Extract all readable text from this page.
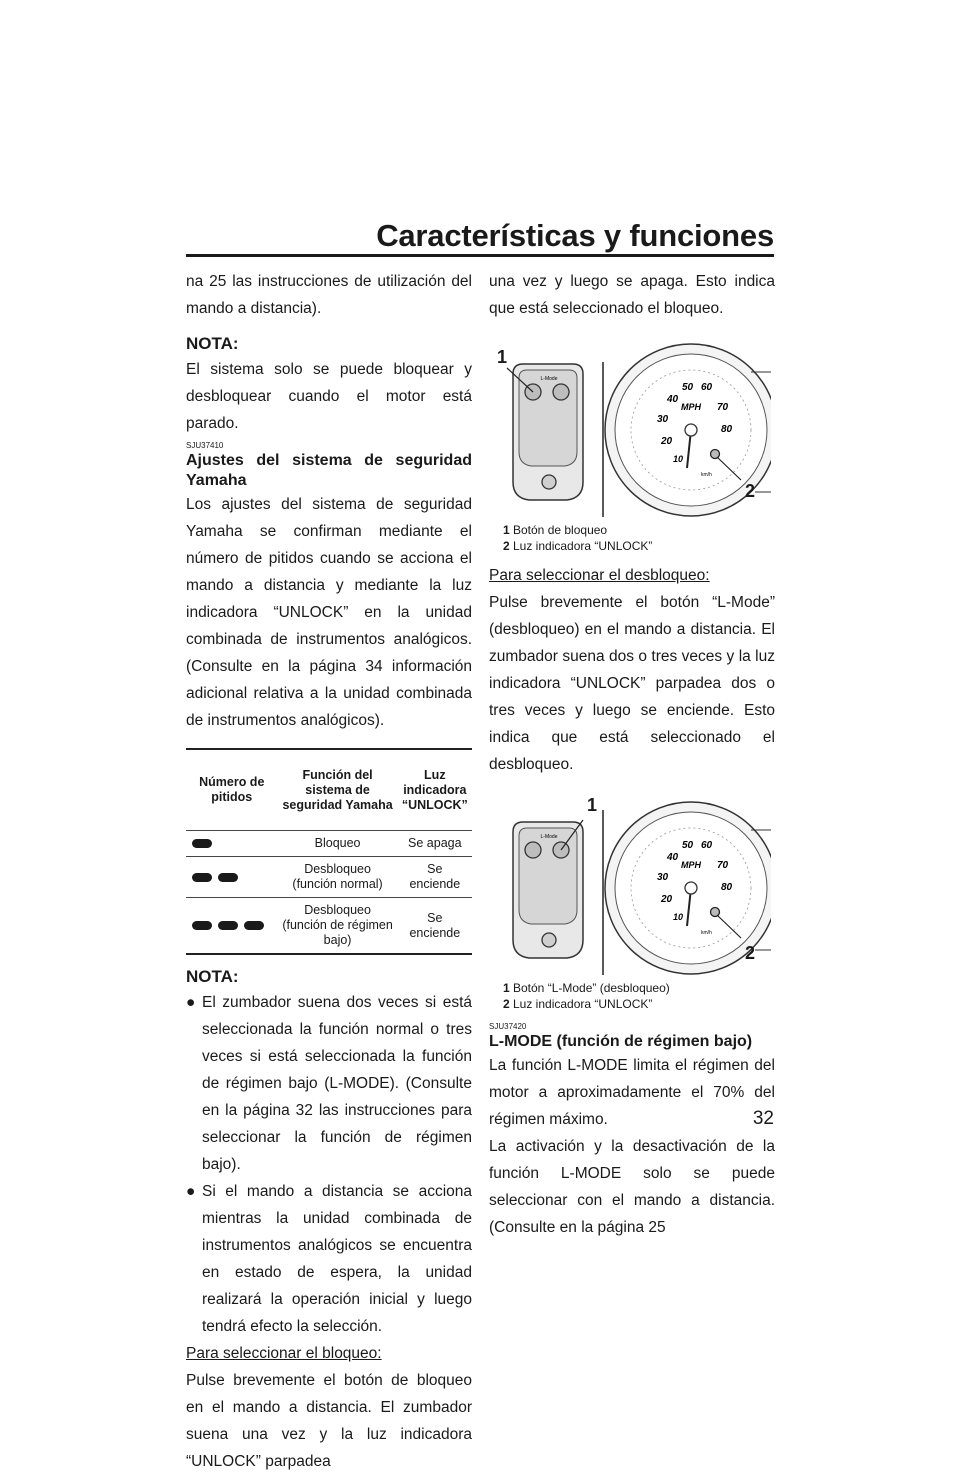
Características y funciones

na 25 las instrucciones de utilización del mando a distancia).

NOTA:

El sistema solo se puede bloquear y desbloquear cuando el motor está parado.

SJU37410
Ajustes del sistema de seguridad Yamaha

Los ajustes del sistema de seguridad Yamaha se confirman mediante el número de pitidos cuando se acciona el mando a distancia y mediante la luz indicadora “UNLOCK” en la unidad combinada de instrumentos analógicos. (Consulte en la página 34 información adicional relativa a la unidad combinada de instrumentos analógicos).

Número de pitidos	Función del sistema de seguridad Yamaha	Luz indicadora “UNLOCK”
	Bloqueo	Se apaga
	Desbloqueo (función normal)	Se enciende
	Desbloqueo (función de régimen bajo)	Se enciende
NOTA:
● El zumbador suena dos veces si está seleccionada la función normal o tres veces si está seleccionada la función de régimen bajo (L-MODE). (Consulte en la página 32 las instrucciones para seleccionar la función de régimen bajo).
● Si el mando a distancia se acciona mientras la unidad combinada de instrumentos analógicos se encuentra en estado de espera, la unidad realizará la operación inicial y luego tendrá efecto la selección.

Para seleccionar el bloqueo:

Pulse brevemente el botón de bloqueo en el mando a distancia. El zumbador suena una vez y la luz indicadora “UNLOCK” parpadea

una vez y luego se apaga. Esto indica que está seleccionado el bloqueo.

L-Mode
MPH
40
50 60
70
30
20
10
80
km/h
1
2
1 Botón de bloqueo
2 Luz indicadora “UNLOCK”

Para seleccionar el desbloqueo:

Pulse brevemente el botón “L-Mode” (desbloqueo) en el mando a distancia. El zumbador suena dos o tres veces y la luz indicadora “UNLOCK” parpadea dos o tres veces y luego se enciende. Esto indica que está seleccionado el desbloqueo.

L-Mode
MPH
40
50 60
70
30
20
10
80
km/h
1
2
1 Botón “L-Mode” (desbloqueo)
2 Luz indicadora “UNLOCK”
SJU37420
L-MODE (función de régimen bajo)

La función L-MODE limita el régimen del motor a aproximadamente el 70% del régimen máximo.

La activación y la desactivación de la función L-MODE solo se puede seleccionar con el mando a distancia. (Consulte en la página 25

32
